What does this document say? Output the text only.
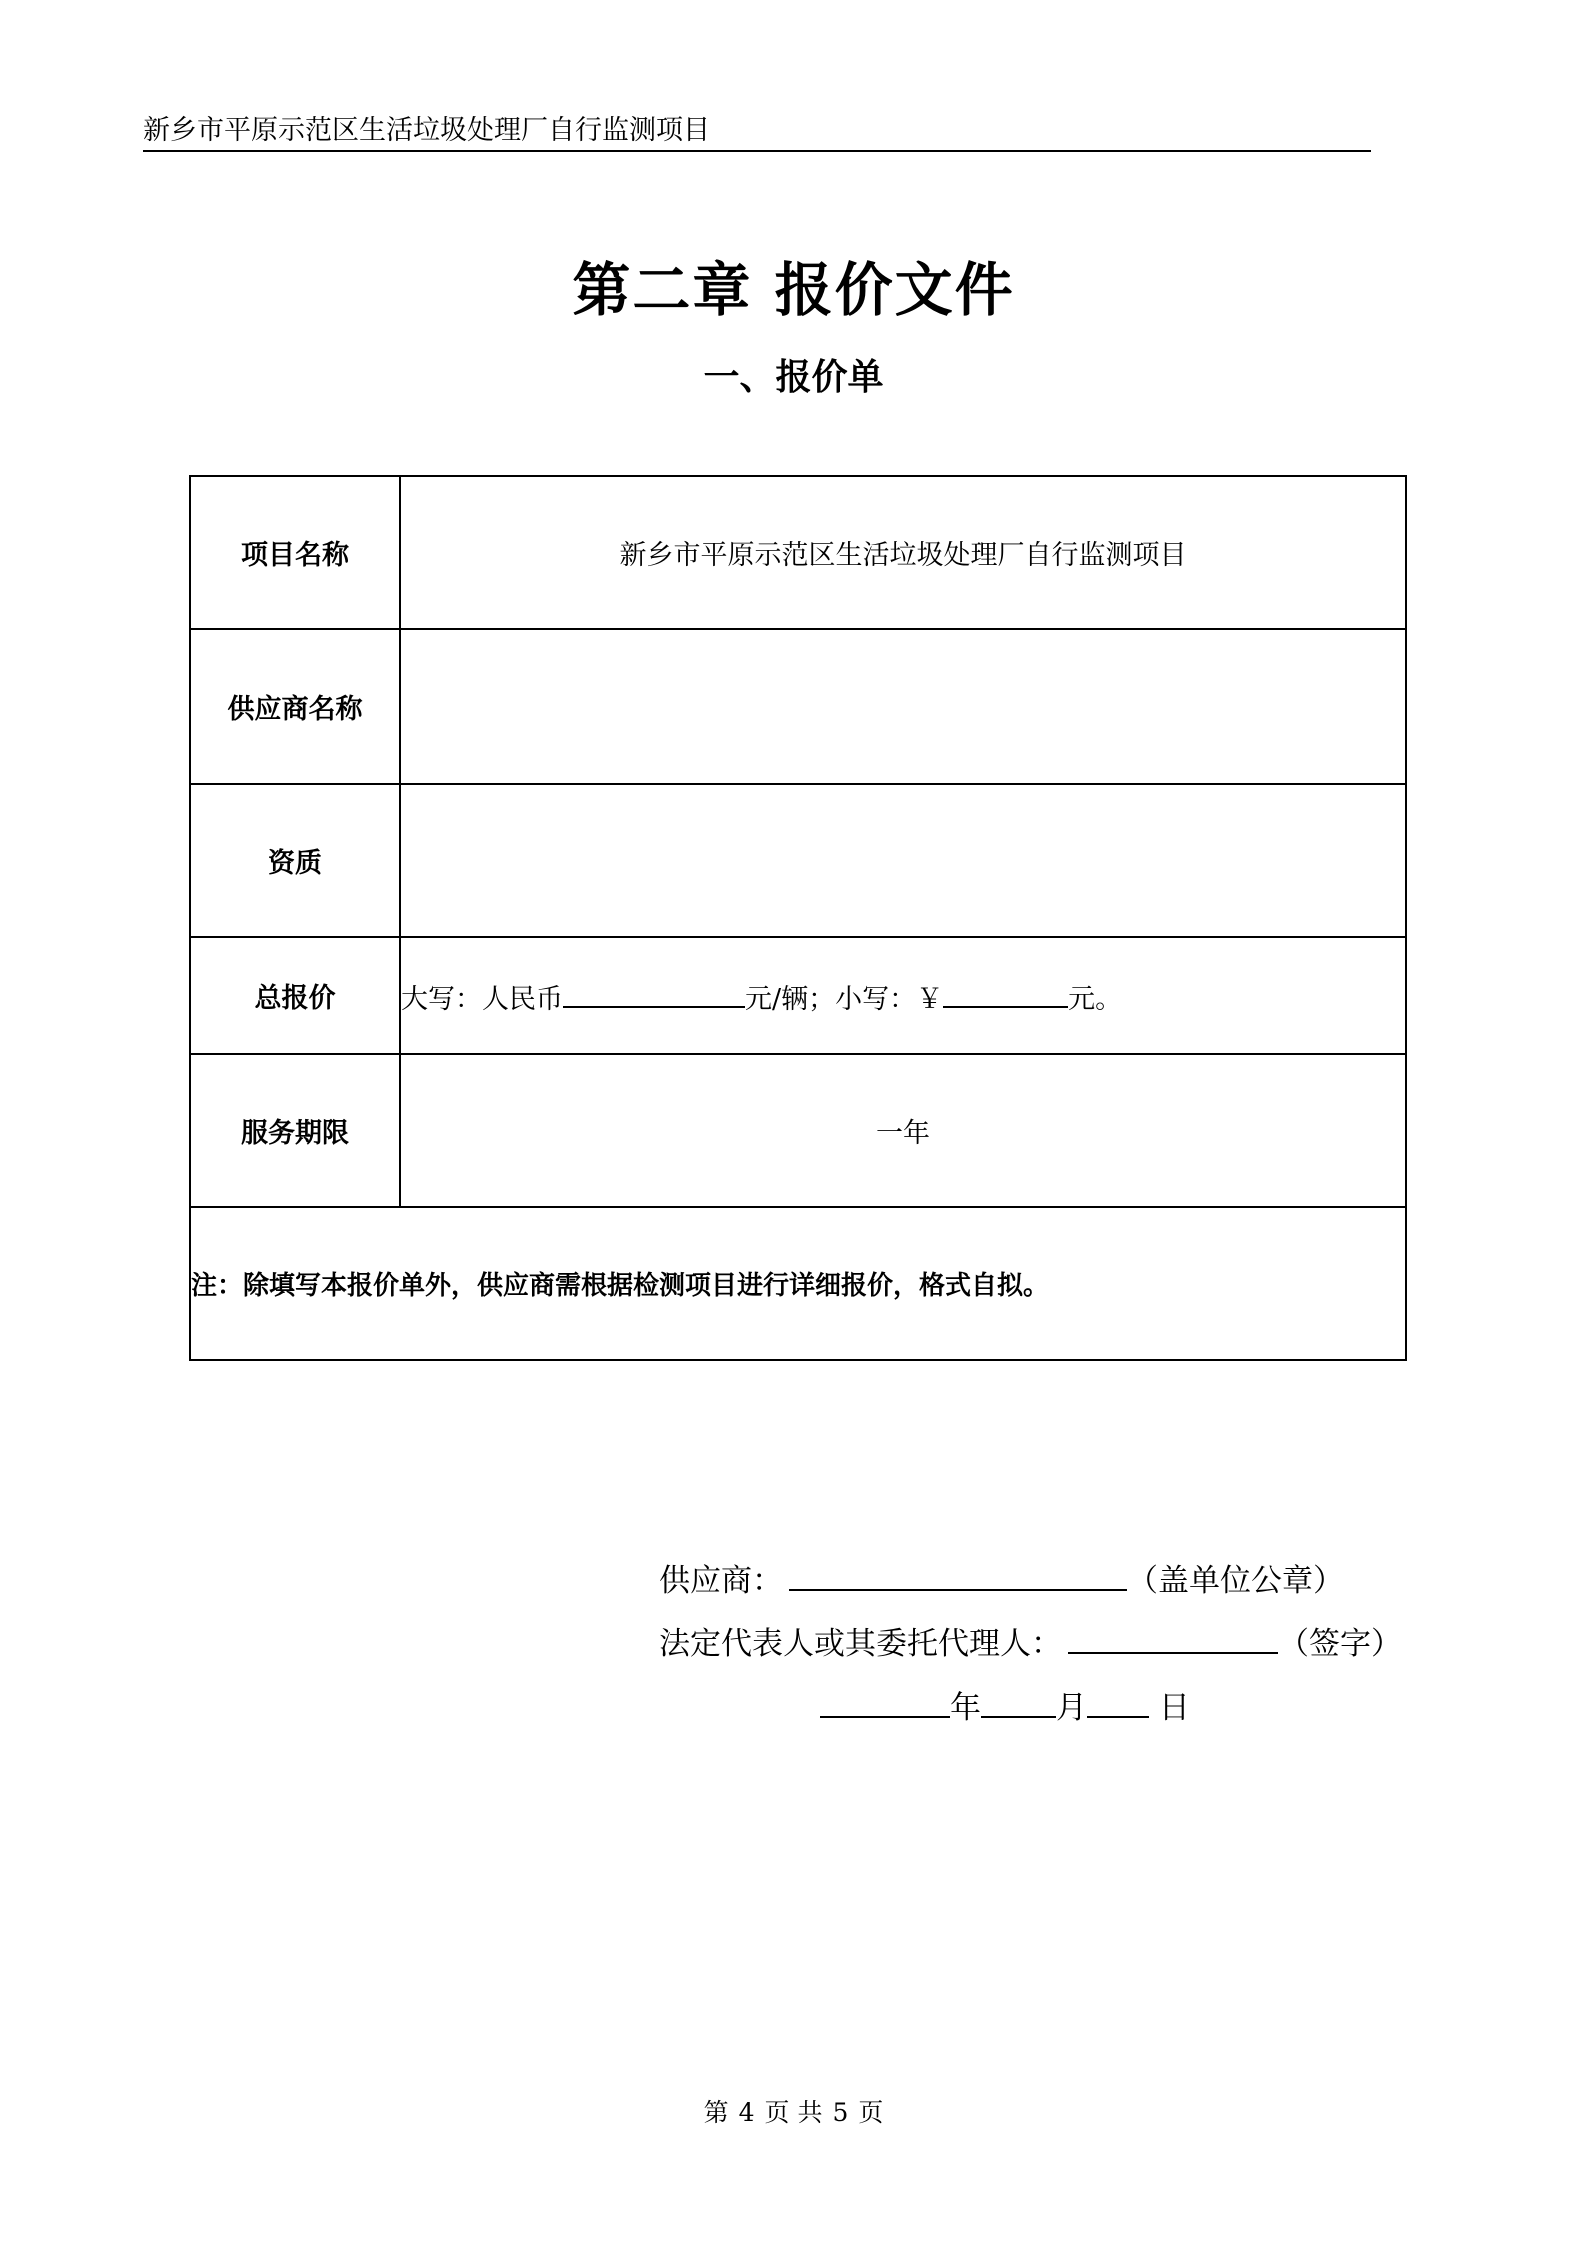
新乡市平原示范区生活垃圾处理厂自行监测项目
第二章 报价文件
一、报价单
项目名称	新乡市平原示范区生活垃圾处理厂自行监测项目
供应商名称	
资质	
总报价	大写：人民币 元/辆；小写：￥ 元。
服务期限	一年
注：除填写本报价单外，供应商需根据检测项目进行详细报价，格式自拟。	
供应商：	（盖单位公章）
法定代表人或其委托代理人：	（签字）
年 月 日
第 4 页 共 5 页
